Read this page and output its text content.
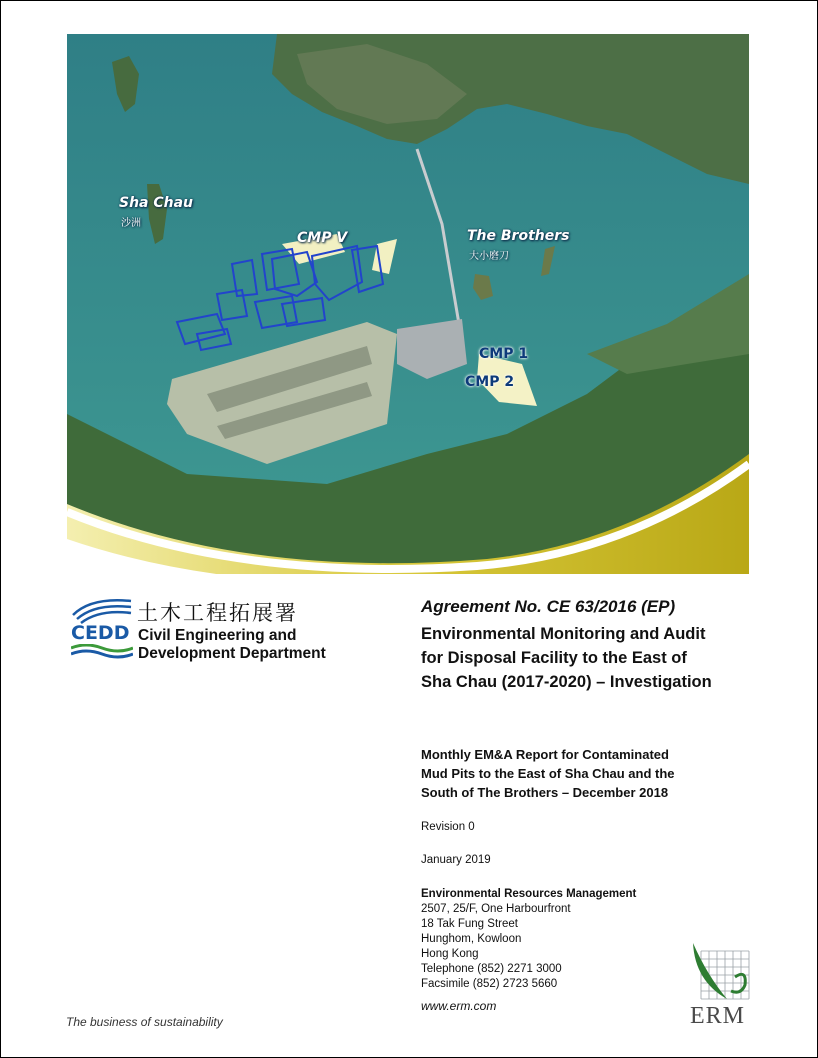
Sha Chau
沙洲
CMP V	The Brothers
大小磨刀
CMP 1
CMP 2
土木工程拓展署
CEDD Civil Engineering and
Development Department
Agreement No. CE 63/2016 (EP)
Environmental Monitoring and Audit
for Disposal Facility to the East of
Sha Chau (2017-2020) – Investigation
Monthly EM&A Report for Contaminated
Mud Pits to the East of Sha Chau and the
South of The Brothers – December 2018
Revision 0
January 2019
Environmental Resources Management
2507, 25/F, One Harbourfront
18 Tak Fung Street
Hunghom, Kowloon
Hong Kong
Telephone (852) 2271 3000
Facsimile (852) 2723 5660
www.erm.com
The business of sustainability	ERM
